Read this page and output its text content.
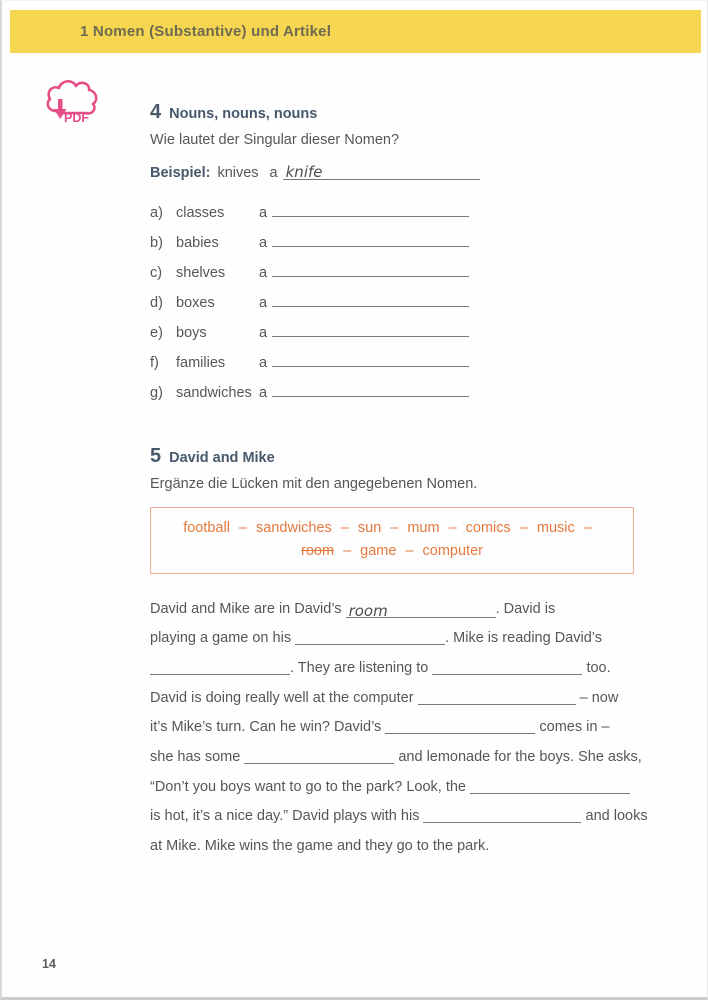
1 Nomen (Substantive) und Artikel
PDF	4 Nouns, nouns, nouns
Wie lautet der Singular dieser Nomen?
Beispiel: knives a knife
a) classes	a
b) babies	a
c) shelves	a
d) boxes	a
e) boys	a
f)	families	a
g) sandwiches a
5 David and Mike
Ergänze die Lücken mit den angegebenen Nomen.
football – sandwiches – sun – mum – comics – music –
room – game – computer
David and Mike are in David’s room	. David is
playing a game on his	. Mike is reading David’s
. They are listening to	too.
David is doing really well at the computer	– now
it’s Mike’s turn. Can he win? David’s	comes in –
she has some	and lemonade for the boys. She asks,
“Don’t you boys want to go to the park? Look, the
is hot, it’s a nice day.” David plays with his	and looks
at Mike. Mike wins the game and they go to the park.
14
